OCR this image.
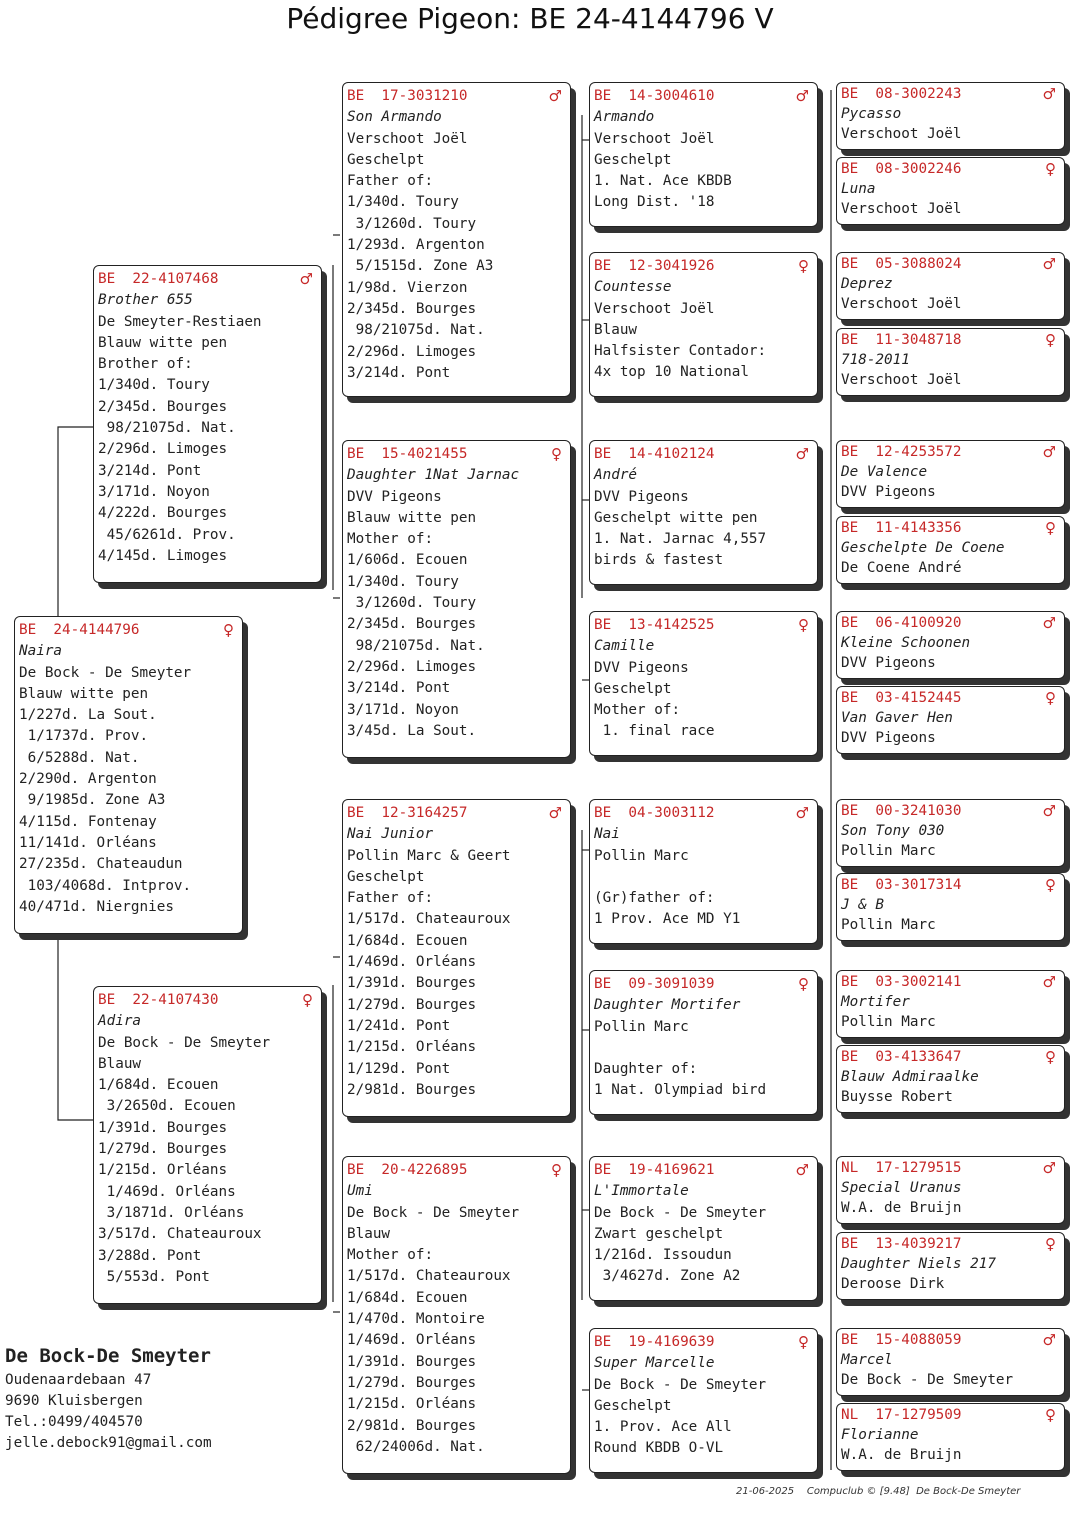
Pédigree Pigeon: BE 24-4144796 V
BE  24-4144796	♀
Naira
De Bock - De Smeyter
Blauw witte pen
1/227d. La Sout.
1/1737d. Prov.
6/5288d. Nat.
2/290d. Argenton
9/1985d. Zone A3
4/115d. Fontenay
11/141d. Orléans
27/235d. Chateaudun
103/4068d. Intprov.
40/471d. Niergnies
BE  22-4107468	♂
Brother 655
De Smeyter-Restiaen
Blauw witte pen
Brother of:
1/340d. Toury
2/345d. Bourges
98/21075d. Nat.
2/296d. Limoges
3/214d. Pont
3/171d. Noyon
4/222d. Bourges
45/6261d. Prov.
4/145d. Limoges
BE  22-4107430	♀
Adira
De Bock - De Smeyter
Blauw
1/684d. Ecouen
3/2650d. Ecouen
1/391d. Bourges
1/279d. Bourges
1/215d. Orléans
1/469d. Orléans
3/1871d. Orléans
3/517d. Chateauroux
3/288d. Pont
5/553d. Pont
BE  17-3031210	♂
Son Armando
Verschoot Joël
Geschelpt
Father of:
1/340d. Toury
3/1260d. Toury
1/293d. Argenton
5/1515d. Zone A3
1/98d. Vierzon
2/345d. Bourges
98/21075d. Nat.
2/296d. Limoges
3/214d. Pont
BE  15-4021455	♀
Daughter 1Nat Jarnac
DVV Pigeons
Blauw witte pen
Mother of:
1/606d. Ecouen
1/340d. Toury
3/1260d. Toury
2/345d. Bourges
98/21075d. Nat.
2/296d. Limoges
3/214d. Pont
3/171d. Noyon
3/45d. La Sout.
BE  12-3164257	♂
Nai Junior
Pollin Marc & Geert
Geschelpt
Father of:
1/517d. Chateauroux
1/684d. Ecouen
1/469d. Orléans
1/391d. Bourges
1/279d. Bourges
1/241d. Pont
1/215d. Orléans
1/129d. Pont
2/981d. Bourges
BE  20-4226895	♀
Umi
De Bock - De Smeyter
Blauw
Mother of:
1/517d. Chateauroux
1/684d. Ecouen
1/470d. Montoire
1/469d. Orléans
1/391d. Bourges
1/279d. Bourges
1/215d. Orléans
2/981d. Bourges
62/24006d. Nat.
BE  14-3004610	♂
Armando
Verschoot Joël
Geschelpt
1. Nat. Ace KBDB
Long Dist. '18
BE  12-3041926	♀
Countesse
Verschoot Joël
Blauw
Halfsister Contador:
4x top 10 National
BE  14-4102124	♂
André
DVV Pigeons
Geschelpt witte pen
1. Nat. Jarnac 4,557
birds & fastest
BE  13-4142525	♀
Camille
DVV Pigeons
Geschelpt
Mother of:
1. final race
BE  04-3003112	♂
Nai
Pollin Marc

(Gr)father of:
1 Prov. Ace MD Y1
BE  09-3091039	♀
Daughter Mortifer
Pollin Marc

Daughter of:
1 Nat. Olympiad bird
BE  19-4169621	♂
L'Immortale
De Bock - De Smeyter
Zwart geschelpt
1/216d. Issoudun
3/4627d. Zone A2
BE  19-4169639	♀
Super Marcelle
De Bock - De Smeyter
Geschelpt
1. Prov. Ace All
Round KBDB O-VL
BE  08-3002243	♂
Pycasso
Verschoot Joël
BE  08-3002246	♀
Luna
Verschoot Joël
BE  05-3088024	♂
Deprez
Verschoot Joël
BE  11-3048718	♀
718-2011
Verschoot Joël
BE  12-4253572	♂
De Valence
DVV Pigeons
BE  11-4143356	♀
Geschelpte De Coene
De Coene André
BE  06-4100920	♂
Kleine Schoonen
DVV Pigeons
BE  03-4152445	♀
Van Gaver Hen
DVV Pigeons
BE  00-3241030	♂
Son Tony 030
Pollin Marc
BE  03-3017314	♀
J & B
Pollin Marc
BE  03-3002141	♂
Mortifer
Pollin Marc
BE  03-4133647	♀
Blauw Admiraalke
Buysse Robert
NL  17-1279515	♂
Special Uranus
W.A. de Bruijn
BE  13-4039217	♀
Daughter Niels 217
Deroose Dirk
BE  15-4088059	♂
Marcel
De Bock - De Smeyter
NL  17-1279509	♀
Florianne
W.A. de Bruijn
De Bock-De Smeyter
Oudenaardebaan 47
9690 Kluisbergen
Tel.:0499/404570
jelle.debock91@gmail.com
21-06-2025    Compuclub © [9.48]  De Bock-De Smeyter
